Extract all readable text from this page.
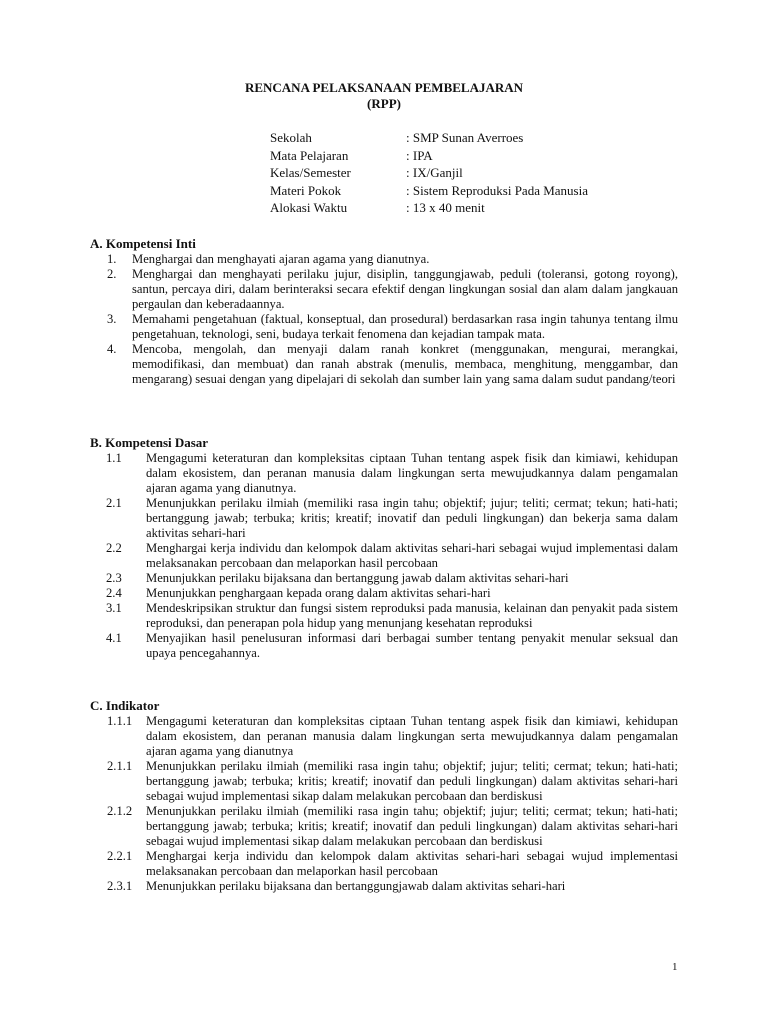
RENCANA PELAKSANAAN PEMBELAJARAN
(RPP)
Sekolah	: SMP Sunan Averroes
Mata Pelajaran	: IPA
Kelas/Semester	: IX/Ganjil
Materi Pokok	: Sistem Reproduksi Pada Manusia
Alokasi Waktu	: 13 x 40 menit
A. Kompetensi Inti
1.	Menghargai dan menghayati ajaran agama yang dianutnya.
2.	Menghargai dan menghayati perilaku jujur, disiplin, tanggungjawab, peduli (toleransi, gotong royong), santun, percaya diri, dalam berinteraksi secara efektif dengan lingkungan sosial dan alam dalam jangkauan pergaulan dan keberadaannya.
3.	Memahami pengetahuan (faktual, konseptual, dan prosedural) berdasarkan rasa ingin tahunya tentang ilmu pengetahuan, teknologi, seni, budaya terkait fenomena dan kejadian tampak mata.
4.	Mencoba, mengolah, dan menyaji dalam ranah konkret (menggunakan, mengurai, merangkai, memodifikasi, dan membuat) dan ranah abstrak (menulis, membaca, menghitung, menggambar, dan mengarang) sesuai dengan yang dipelajari di sekolah dan sumber lain yang sama dalam sudut pandang/teori
B. Kompetensi Dasar
1.1	Mengagumi keteraturan dan kompleksitas ciptaan Tuhan tentang aspek fisik dan kimiawi, kehidupan dalam ekosistem, dan peranan manusia dalam lingkungan serta mewujudkannya dalam pengamalan ajaran agama yang dianutnya.
2.1	Menunjukkan perilaku ilmiah (memiliki rasa ingin tahu; objektif; jujur; teliti; cermat; tekun; hati-hati; bertanggung jawab; terbuka; kritis; kreatif; inovatif dan peduli lingkungan) dan bekerja sama dalam aktivitas sehari-hari
2.2	Menghargai kerja individu dan kelompok dalam aktivitas sehari-hari sebagai wujud implementasi dalam melaksanakan percobaan dan melaporkan hasil percobaan
2.3	Menunjukkan perilaku bijaksana dan bertanggung jawab dalam aktivitas sehari-hari
2.4	Menunjukkan penghargaan kepada orang dalam aktivitas sehari-hari
3.1	Mendeskripsikan struktur dan fungsi sistem reproduksi pada manusia, kelainan dan penyakit pada sistem reproduksi, dan penerapan pola hidup yang menunjang kesehatan reproduksi
4.1	Menyajikan hasil penelusuran informasi dari berbagai sumber tentang penyakit menular seksual dan upaya pencegahannya.
C. Indikator
1.1.1	Mengagumi keteraturan dan kompleksitas ciptaan Tuhan tentang aspek fisik dan kimiawi, kehidupan dalam ekosistem, dan peranan manusia dalam lingkungan serta mewujudkannya dalam pengamalan ajaran agama yang dianutnya
2.1.1	Menunjukkan perilaku ilmiah (memiliki rasa ingin tahu; objektif; jujur; teliti; cermat; tekun; hati-hati; bertanggung jawab; terbuka; kritis; kreatif; inovatif dan peduli lingkungan) dalam aktivitas sehari-hari sebagai wujud implementasi sikap dalam melakukan percobaan dan berdiskusi
2.1.2	Menunjukkan perilaku ilmiah (memiliki rasa ingin tahu; objektif; jujur; teliti; cermat; tekun; hati-hati; bertanggung jawab; terbuka; kritis; kreatif; inovatif dan peduli lingkungan) dalam aktivitas sehari-hari sebagai wujud implementasi sikap dalam melakukan percobaan dan berdiskusi
2.2.1	Menghargai kerja individu dan kelompok dalam aktivitas sehari-hari sebagai wujud implementasi melaksanakan percobaan dan melaporkan hasil percobaan
2.3.1	Menunjukkan perilaku bijaksana dan bertanggungjawab dalam aktivitas sehari-hari
1
